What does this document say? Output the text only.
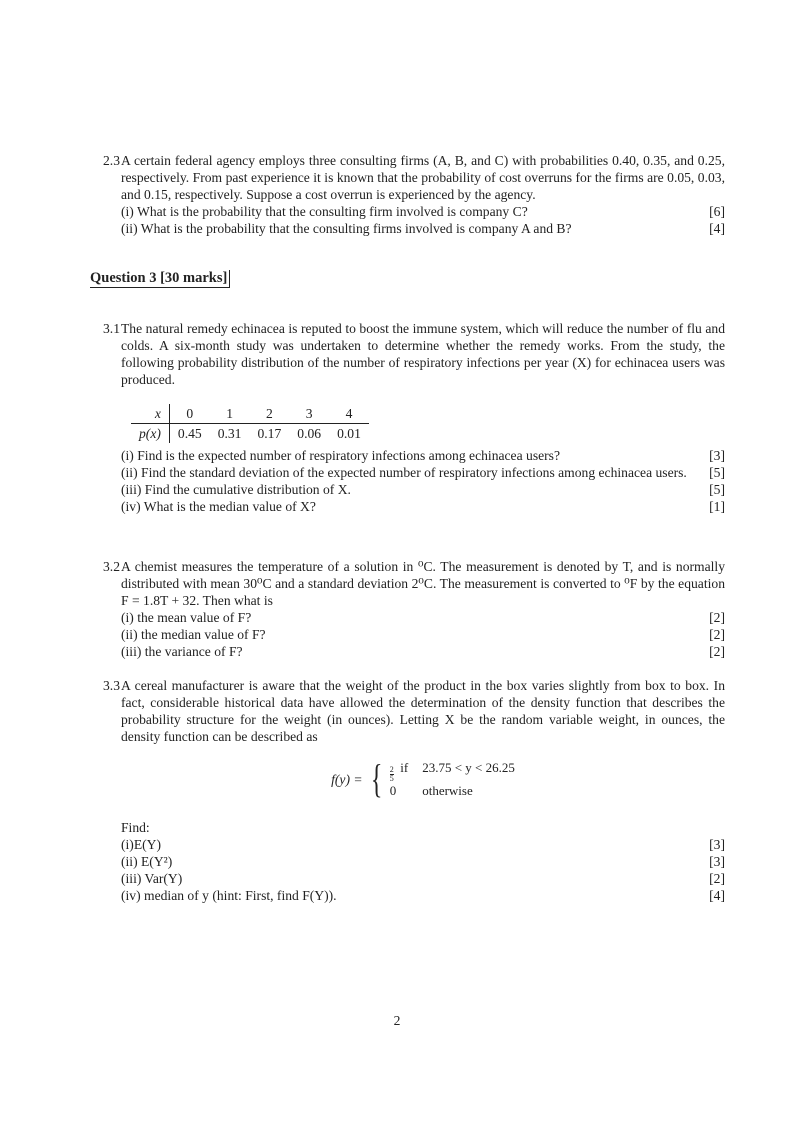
2.3 A certain federal agency employs three consulting firms (A, B, and C) with probabilities 0.40, 0.35, and 0.25, respectively. From past experience it is known that the probability of cost overruns for the firms are 0.05, 0.03, and 0.15, respectively. Suppose a cost overrun is experienced by the agency.
(i) What is the probability that the consulting firm involved is company C?	[6]
(ii) What is the probability that the consulting firms involved is company A and B?	[4]
Question 3 [30 marks]
3.1 The natural remedy echinacea is reputed to boost the immune system, which will reduce the number of flu and colds. A six-month study was undertaken to determine whether the remedy works. From the study, the following probability distribution of the number of respiratory infections per year (X) for echinacea users was produced.
x	0	1	2	3	4
p(x)	0.45	0.31	0.17	0.06	0.01
(i) Find is the expected number of respiratory infections among echinacea users?	[3]
(ii) Find the standard deviation of the expected number of respiratory infections among echinacea users.	[5]
(iii) Find the cumulative distribution of X.	[5]
(iv) What is the median value of X?	[1]
3.2 A chemist measures the temperature of a solution in ⁰C. The measurement is denoted by T, and is normally distributed with mean 30⁰C and a standard deviation 2⁰C. The measurement is converted to ⁰F by the equation F = 1.8T + 32. Then what is
(i) the mean value of F?	[2]
(ii) the median value of F?	[2]
(iii) the variance of F?	[2]
3.3 A cereal manufacturer is aware that the weight of the product in the box varies slightly from box to box. In fact, considerable historical data have allowed the determination of the density function that describes the probability structure for the weight (in ounces). Letting X be the random variable weight, in ounces, the density function can be described as
f(y) = { $\frac{2}{5}$ if 23.75 < y < 26.25
0	otherwise
Find:
(i)E(Y)	[3]
(ii) E(Y²)	[3]
(iii) Var(Y)	[2]
(iv) median of y (hint: First, find F(Y)).	[4]
2
